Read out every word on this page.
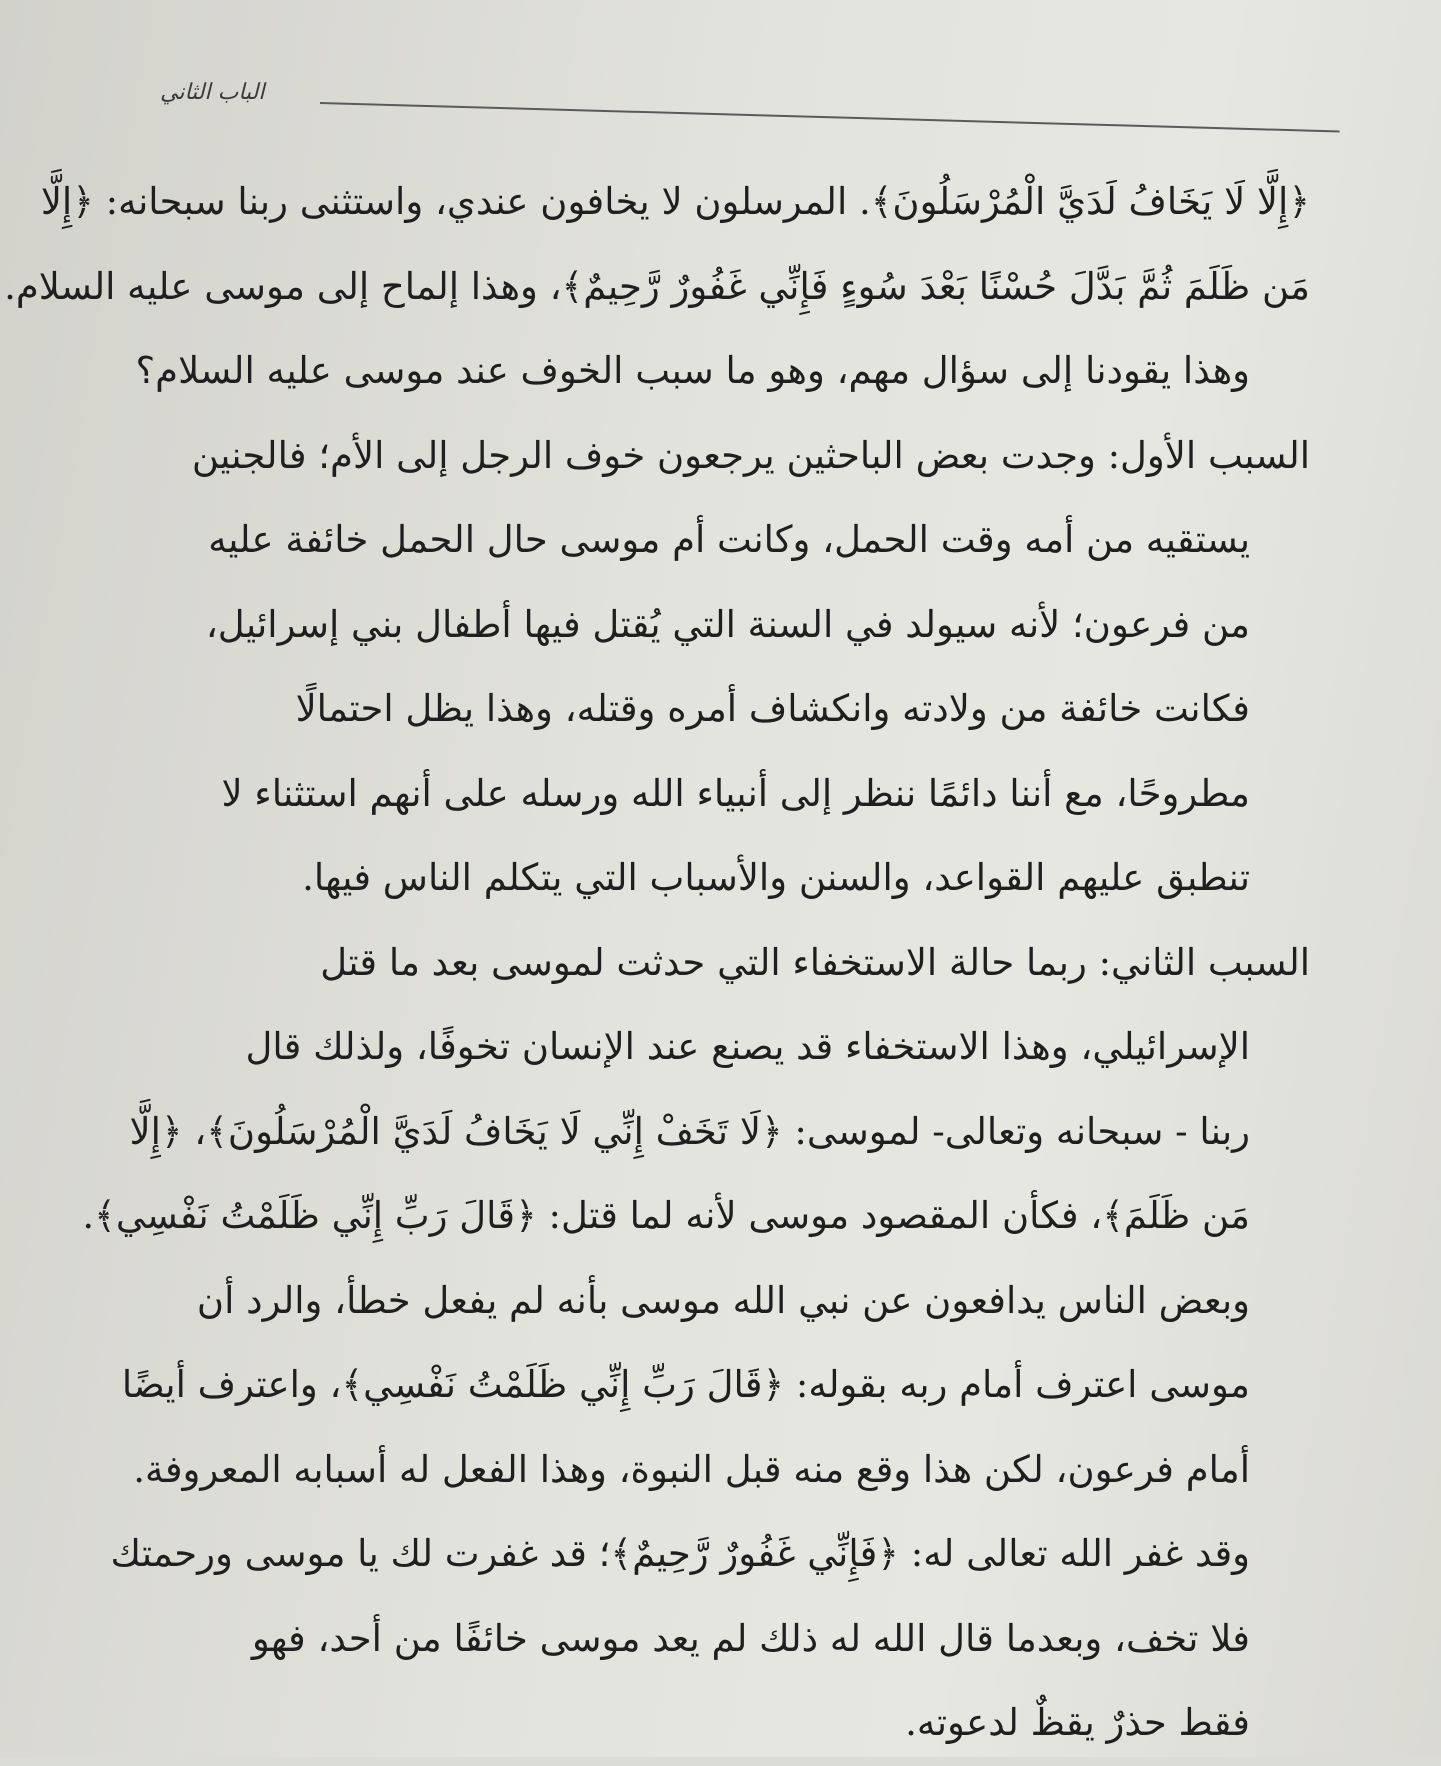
الباب الثاني
﴿إِلَّا لَا يَخَافُ لَدَيَّ الْمُرْسَلُونَ﴾. المرسلون لا يخافون عندي، واستثنى ربنا سبحانه: ﴿إِلَّا
مَن ظَلَمَ ثُمَّ بَدَّلَ حُسْنًا بَعْدَ سُوءٍ فَإِنِّي غَفُورٌ رَّحِيمٌ﴾، وهذا إلماح إلى موسى عليه السلام.
وهذا يقودنا إلى سؤال مهم، وهو ما سبب الخوف عند موسى عليه السلام؟
السبب الأول: وجدت بعض الباحثين يرجعون خوف الرجل إلى الأم؛ فالجنين
يستقيه من أمه وقت الحمل، وكانت أم موسى حال الحمل خائفة عليه
من فرعون؛ لأنه سيولد في السنة التي يُقتل فيها أطفال بني إسرائيل،
فكانت خائفة من ولادته وانكشاف أمره وقتله، وهذا يظل احتمالًا
مطروحًا، مع أننا دائمًا ننظر إلى أنبياء الله ورسله على أنهم استثناء لا
تنطبق عليهم القواعد، والسنن والأسباب التي يتكلم الناس فيها.
السبب الثاني: ربما حالة الاستخفاء التي حدثت لموسى بعد ما قتل
الإسرائيلي، وهذا الاستخفاء قد يصنع عند الإنسان تخوفًا، ولذلك قال
ربنا - سبحانه وتعالى- لموسى: ﴿لَا تَخَفْ إِنِّي لَا يَخَافُ لَدَيَّ الْمُرْسَلُونَ﴾، ﴿إِلَّا
مَن ظَلَمَ﴾، فكأن المقصود موسى لأنه لما قتل: ﴿قَالَ رَبِّ إِنِّي ظَلَمْتُ نَفْسِي﴾.
وبعض الناس يدافعون عن نبي الله موسى بأنه لم يفعل خطأ، والرد أن
موسى اعترف أمام ربه بقوله: ﴿قَالَ رَبِّ إِنِّي ظَلَمْتُ نَفْسِي﴾، واعترف أيضًا
أمام فرعون، لكن هذا وقع منه قبل النبوة، وهذا الفعل له أسبابه المعروفة.
وقد غفر الله تعالى له: ﴿فَإِنِّي غَفُورٌ رَّحِيمٌ﴾؛ قد غفرت لك يا موسى ورحمتك
فلا تخف، وبعدما قال الله له ذلك لم يعد موسى خائفًا من أحد، فهو
فقط حذرٌ يقظٌ لدعوته.
